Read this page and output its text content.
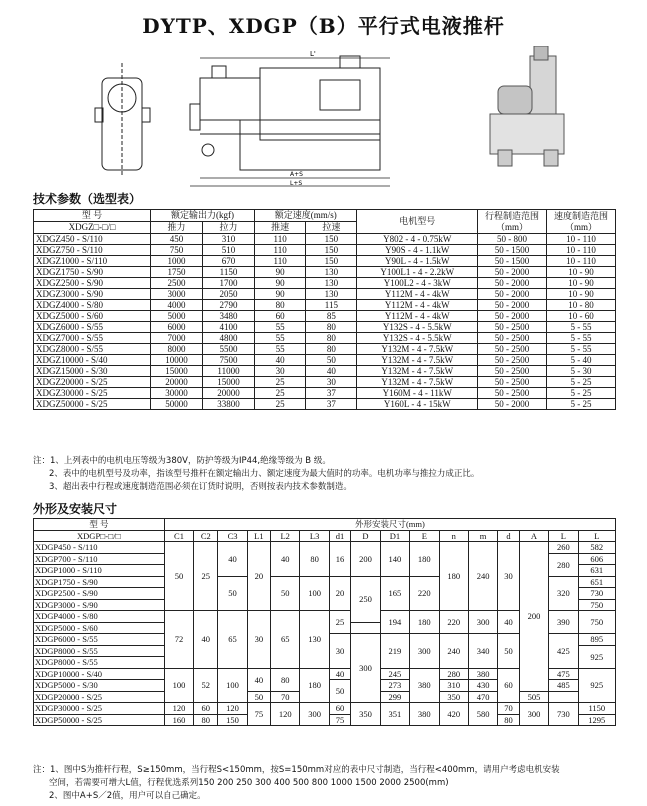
DYTP、XDGP（B）平行式电液推杆
L'
A+S
L+S
技术参数（选型表）
型 号	额定输出力(kgf)		额定速度(mm/s)		电机型号	行程制造范围（mm）	速度制造范围（mm）
XDGZ□-□/□	推力	拉力	推速	拉速			
XDGZ450 - S/110	450	310	110	150	Y802 - 4 - 0.75kW	50 - 800	10 - 110
XDGZ750 - S/110	750	510	110	150	Y90S - 4 - 1.1kW	50 - 1500	10 - 110
XDGZ1000 - S/110	1000	670	110	150	Y90L - 4 - 1.5kW	50 - 1500	10 - 110
XDGZ1750 - S/90	1750	1150	90	130	Y100L1 - 4 - 2.2kW	50 - 2000	10 - 90
XDGZ2500 - S/90	2500	1700	90	130	Y100L2 - 4 - 3kW	50 - 2000	10 - 90
XDGZ3000 - S/90	3000	2050	90	130	Y112M - 4 - 4kW	50 - 2000	10 - 90
XDGZ4000 - S/80	4000	2790	80	115	Y112M - 4 - 4kW	50 - 2000	10 - 80
XDGZ5000 - S/60	5000	3480	60	85	Y112M - 4 - 4kW	50 - 2000	10 - 60
XDGZ6000 - S/55	6000	4100	55	80	Y132S - 4 - 5.5kW	50 - 2500	5 - 55
XDGZ7000 - S/55	7000	4800	55	80	Y132S - 4 - 5.5kW	50 - 2500	5 - 55
XDGZ8000 - S/55	8000	5500	55	80	Y132M - 4 - 7.5kW	50 - 2500	5 - 55
XDGZ10000 - S/40	10000	7500	40	50	Y132M - 4 - 7.5kW	50 - 2500	5 - 40
XDGZ15000 - S/30	15000	11000	30	40	Y132M - 4 - 7.5kW	50 - 2500	5 - 30
XDGZ20000 - S/25	20000	15000	25	30	Y132M - 4 - 7.5kW	50 - 2500	5 - 25
XDGZ30000 - S/25	30000	20000	25	37	Y160M - 4 - 11kW	50 - 2500	5 - 25
XDGZ50000 - S/25	50000	33800	25	37	Y160L - 4 - 15kW	50 - 2000	5 - 25

注：1、上列表中的电机电压等级为380V，防护等级为IP44,绝缘等级为 B 级。

2、表中的电机型号及功率，指该型号推杆在额定输出力、额定速度为最大值时的功率。电机功率与推拉力成正比。

3、超出表中行程或速度制造范围必须在订货时说明，否则按表内技术参数制造。

外形及安装尺寸
型 号	外形安装尺寸(mm)															
XDGP□-□/□	C1	C2	C3	L1	L2	L3	d1	D	D1	E	n	m	d	A	L	L
XDGP450 - S/110	50	25	40	20	40	80	16	200	140	180	180	240	30	200	260	582
XDGP700 - S/110															280	606
XDGP1000 - S/110																631
XDGP1750 - S/90			50		50	100	20	250	165	220					320	651
XDGP2500 - S/90																730
XDGP3000 - S/90																750
XDGP4000 - S/80	72	40	65	30	65	130	25		194	180	220	300	40		390	750
XDGP5000 - S/60																
XDGP6000 - S/55							30	300	219	300	240	340	50		425	895
XDGP8000 - S/55																925
XDGP8000 - S/55																
XDGP10000 - S/40	100	52	100	40	80	180	40		245	380	280	380	60		475	925
XDGP5000 - S/30							50		273		310	430			485	
XDGP20000 - S/25				50	70				299		350	470		505		
XDGP30000 - S/25	120	60	120	75	120	300	60	350	351	380	420	580	70	300	730	1150
XDGP50000 - S/25	160	80	150				75						80			1295

注：1、图中S为推杆行程，S≥150mm，当行程S<150mm，按S=150mm对应的表中尺寸制造，当行程<400mm，请用户考虑电机安装

空间，若需要可增大L值，行程优选系列150 200 250 300 400 500 800 1000 1500 2000 2500(mm)

2、图中A+S／2值，用户可以自己确定。
